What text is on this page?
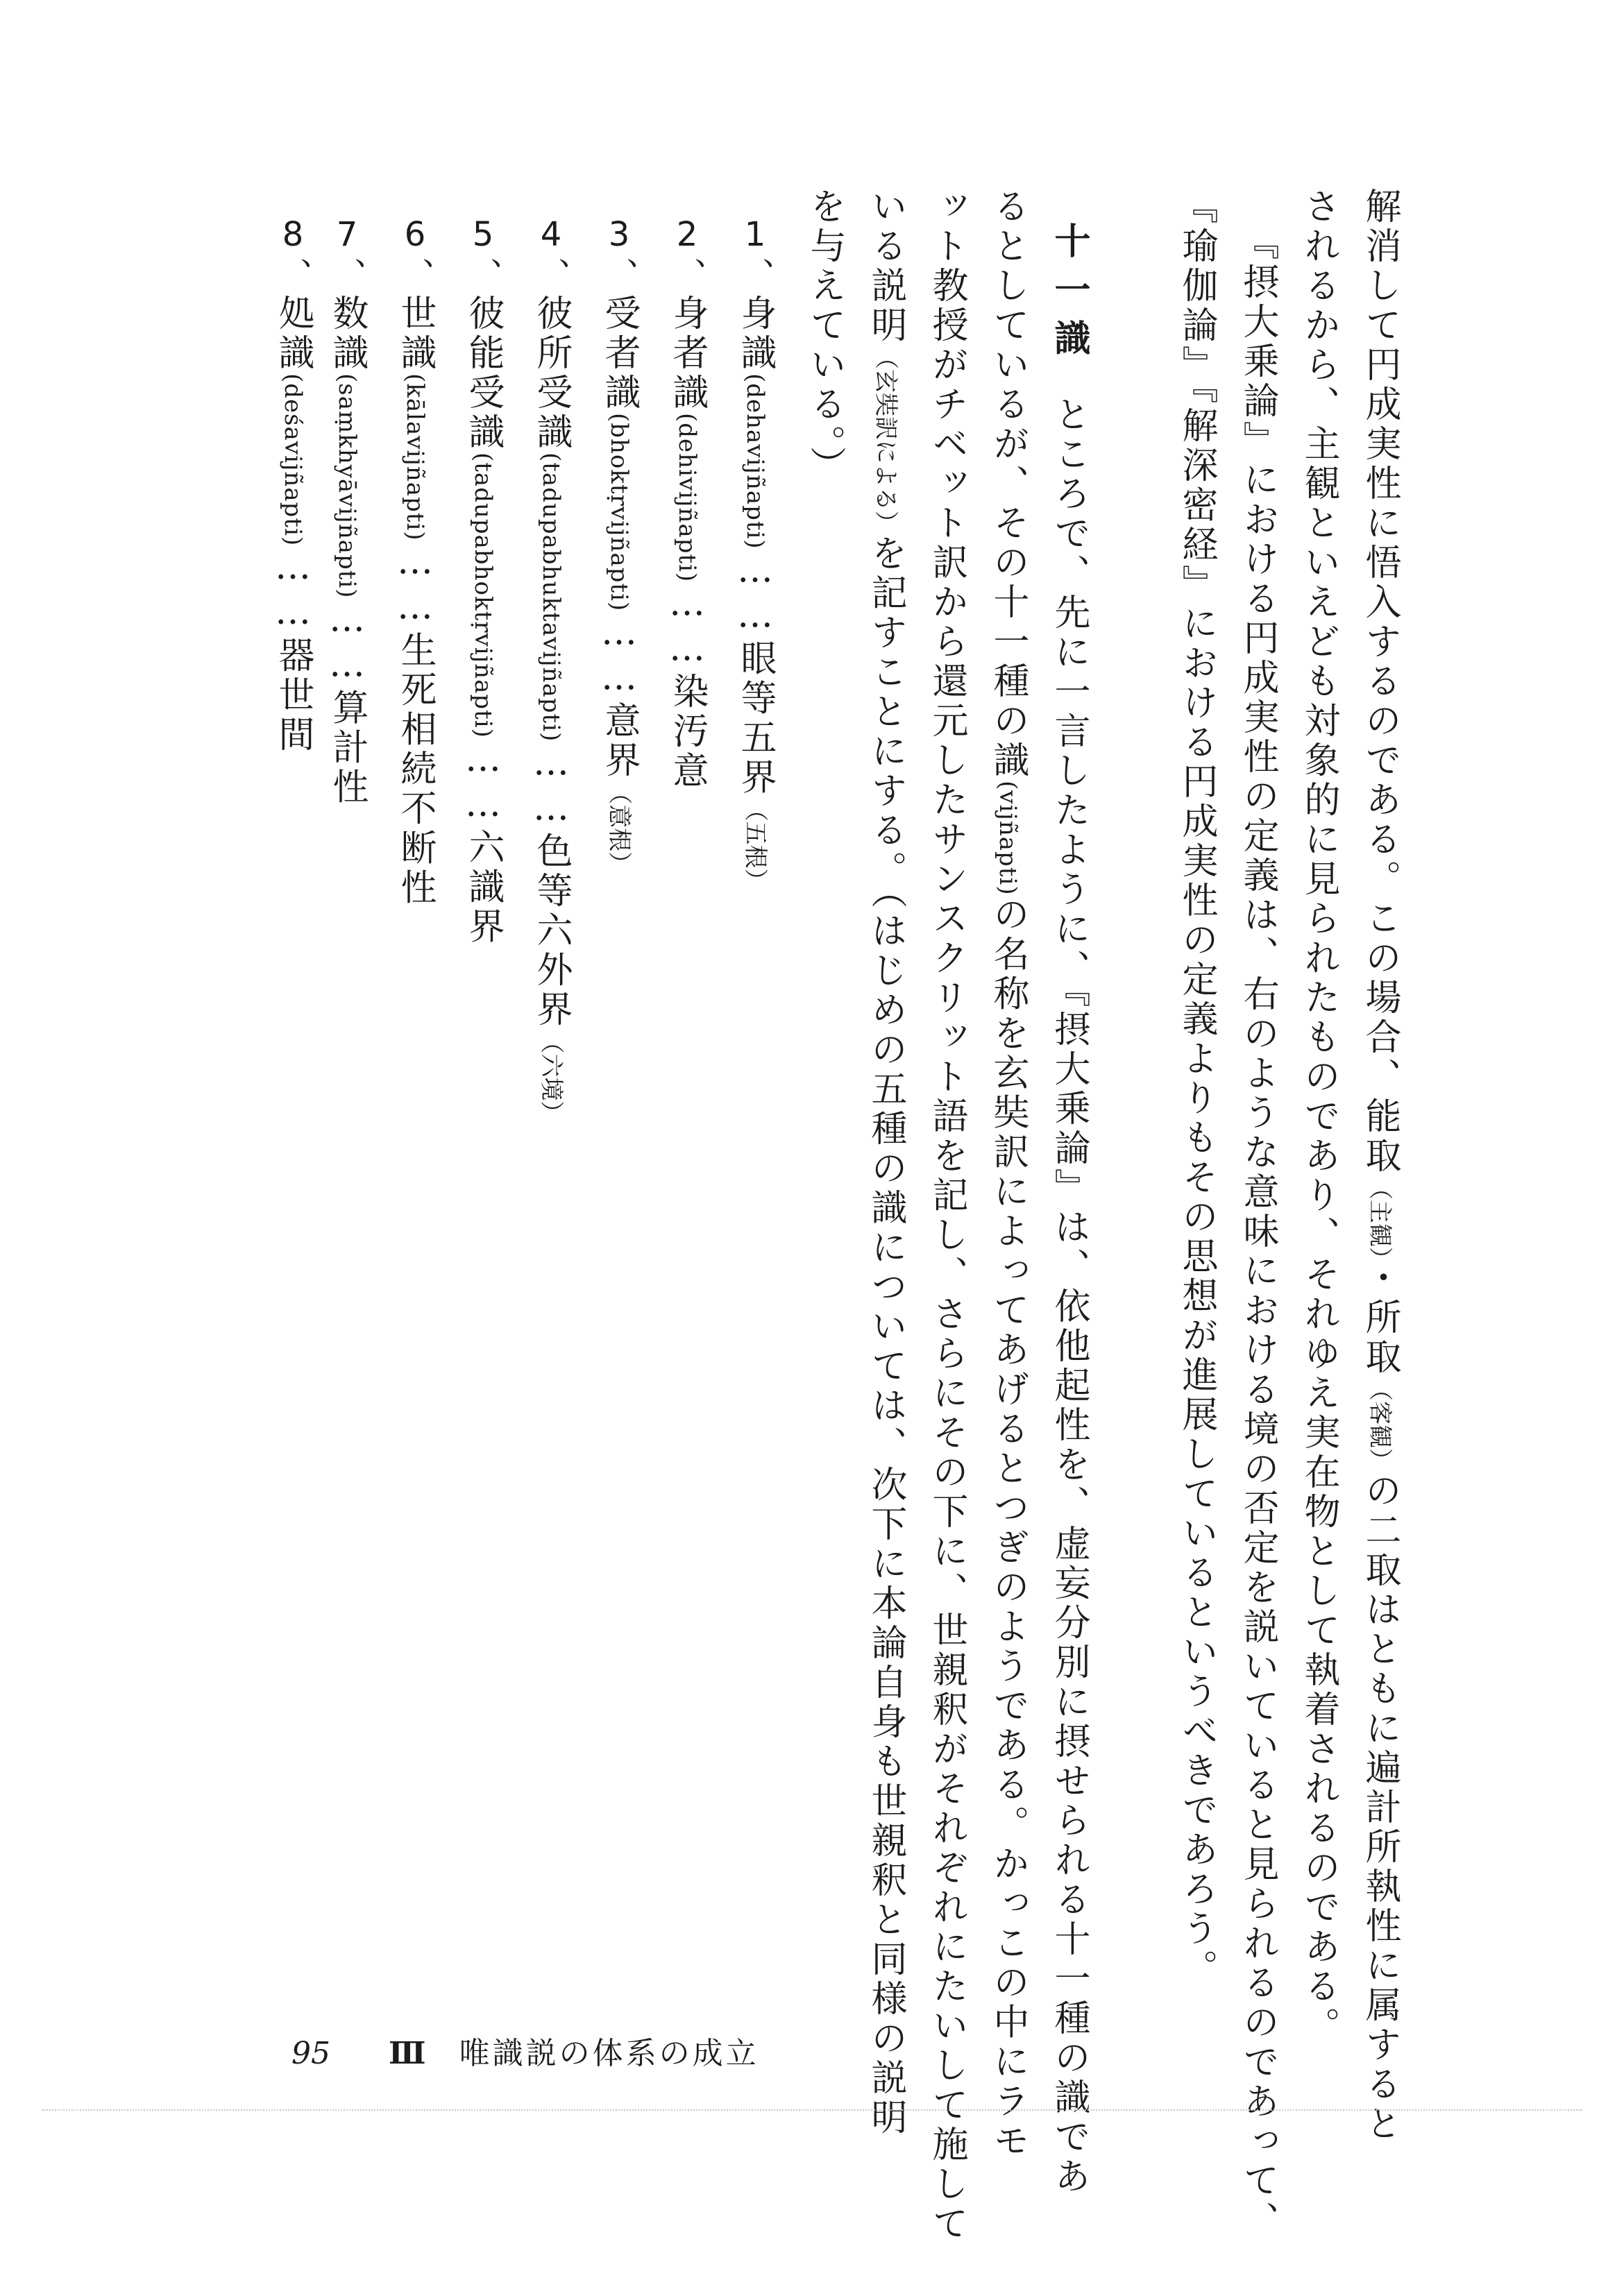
解消して円成実性に悟入するのである。この場合、能取（主観）・所取（客観）の二取はともに遍計所執性に属すると

されるから、主観といえども対象的に見られたものであり、それゆえ実在物として執着されるのである。

『摂大乗論』における円成実性の定義は、右のような意味における境の否定を説いていると見られるのであって、

『瑜伽論』『解深密経』における円成実性の定義よりもその思想が進展しているというべきであろう。

十一識ところで、先に一言したように、『摂大乗論』は、依他起性を、虚妄分別に摂せられる十一種の識であ

るとしているが、その十一種の識(vijñapti)の名称を玄奘訳によってあげるとつぎのようである。かっこの中にラモ

ット教授がチベット訳から還元したサンスクリット語を記し、さらにその下に、世親釈がそれぞれにたいして施して

いる説明（玄奘訳による）を記すことにする。（はじめの五種の識については、次下に本論自身も世親釈と同様の説明

を与えている。）

1、身識(dehavijñapti)……眼等五界（五根）

2、身者識(dehivijñapti)……染汚意

3、受者識(bhoktṛvijñapti)……意界（意根）

4、彼所受識(tadupabhuktavijñapti)……色等六外界（六境）

5、彼能受識(tadupabhoktṛvijñapti)……六識界

6、世識(kālavijñapti)……生死相続不断性

7、数識(saṃkhyāvijñapti)……算計性

8、処識(deśavijñapti)……器世間

95 Ⅲ 唯識説の体系の成立
